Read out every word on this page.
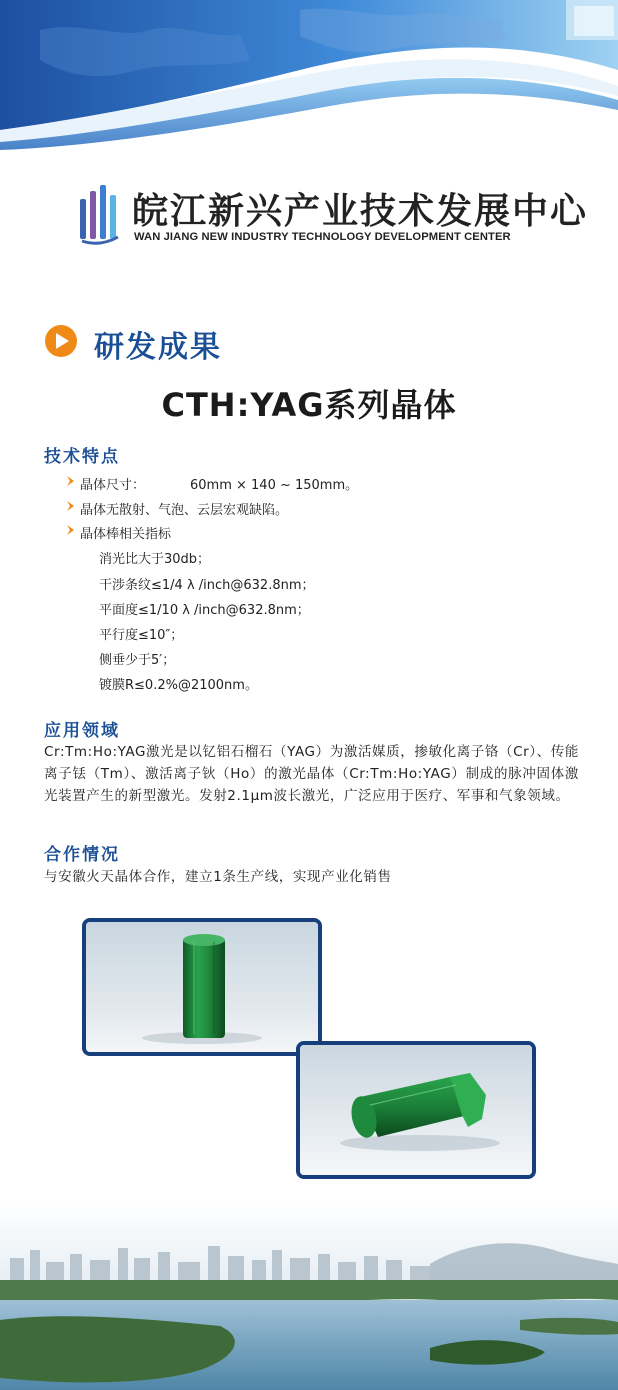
皖江新兴产业技术发展中心
WAN JIANG NEW INDUSTRY TECHNOLOGY DEVELOPMENT CENTER
研发成果
CTH:YAG系列晶体
技术特点
晶体尺寸：	60mm × 140 ~ 150mm。
晶体无散射、气泡、云层宏观缺陷。
晶体棒相关指标
消光比大于30db；
干涉条纹≤1/4 λ /inch@632.8nm；
平面度≤1/10 λ /inch@632.8nm；
平行度≤10″；
侧垂少于5′；
镀膜R≤0.2%@2100nm。
应用领域
Cr:Tm:Ho:YAG激光是以钇铝石榴石（YAG）为激活媒质，掺敏化离子铬（Cr）、传能离子铥（Tm）、激活离子钬（Ho）的激光晶体（Cr:Tm:Ho:YAG）制成的脉冲固体激光装置产生的新型激光。发射2.1μm波长激光，广泛应用于医疗、军事和气象领域。
合作情况
与安徽火天晶体合作，建立1条生产线，实现产业化销售
